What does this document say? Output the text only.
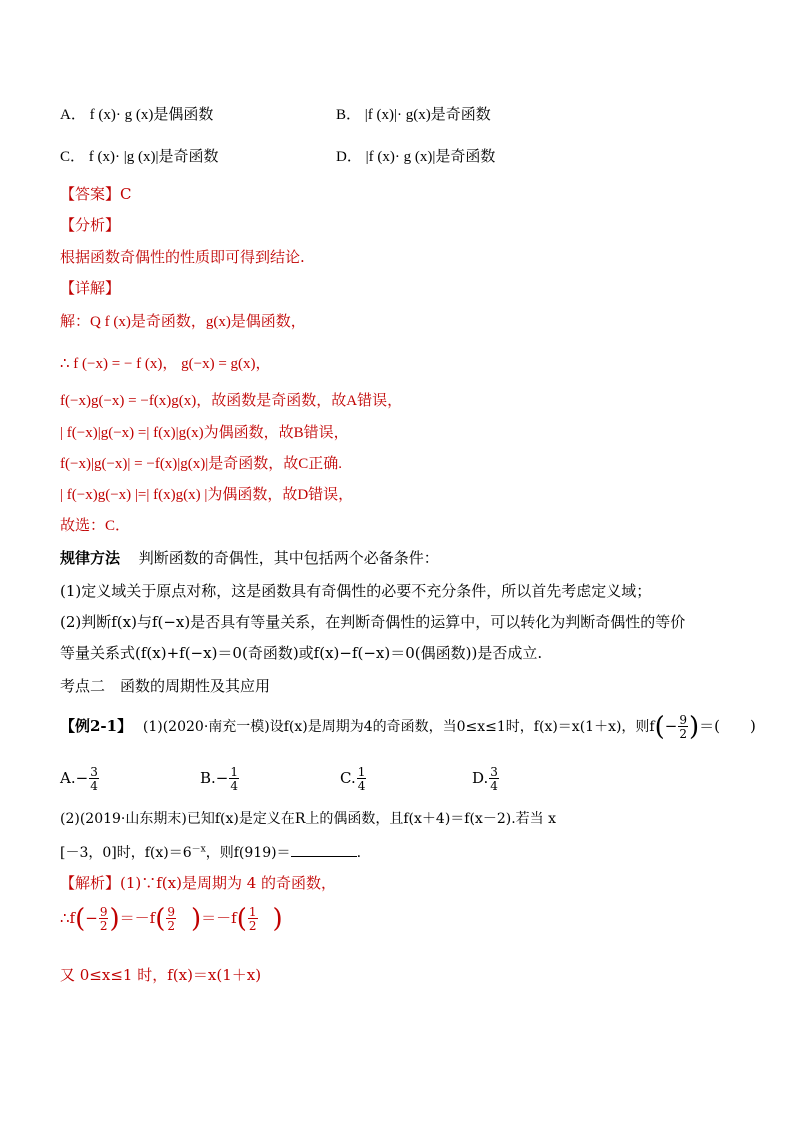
A． f (x)· g (x)是偶函数	B． |f (x)|· g(x)是奇函数
C． f (x)· |g (x)|是奇函数	D． |f (x)· g (x)|是奇函数
【答案】C
【分析】
根据函数奇偶性的性质即可得到结论.
【详解】
解：Q f (x)是奇函数，g(x)是偶函数，
∴ f (−x) = − f (x)， g(−x) = g(x)，
f(−x)g(−x) = −f(x)g(x)，故函数是奇函数，故A错误，
| f(−x)|g(−x) =| f(x)|g(x)为偶函数，故B错误，
f(−x)|g(−x)| = −f(x)|g(x)|是奇函数，故C正确.
| f(−x)g(−x) |=| f(x)g(x) |为偶函数，故D错误，
故选：C．
规律方法 判断函数的奇偶性，其中包括两个必备条件：
(1)定义域关于原点对称，这是函数具有奇偶性的必要不充分条件，所以首先考虑定义域；
(2)判断f(x)与f(−x)是否具有等量关系，在判断奇偶性的运算中，可以转化为判断奇偶性的等价
等量关系式(f(x)+f(−x)＝0(奇函数)或f(x)−f(−x)＝0(偶函数))是否成立.
考点二　函数的周期性及其应用
【例2-1】 (1)(2020·南充一模)设f(x)是周期为4的奇函数，当0≤x≤1时，f(x)＝x(1＋x)，则$f(- \frac{9}{2}$ )＝(　　)
$A.- \frac{3}{4}$	$B.- \frac{1}{4}$	C. $\frac{1}{4}$	D. $\frac{3}{4}$
(2)(2019·山东期末)已知f(x)是定义在R上的偶函数，且f(x＋4)＝f(x－2).若当 x
[－3，0]时，$f(x)=6^{-x}$，则f(919)＝	.
【解析】(1)∵f(x)是周期为 4 的奇函数，
∴f(− $\frac{9}{2} )=-f( \frac{9}{2} )=-f( \frac{1}{2}$ )
又 0≤x≤1 时，f(x)＝x(1＋x)
